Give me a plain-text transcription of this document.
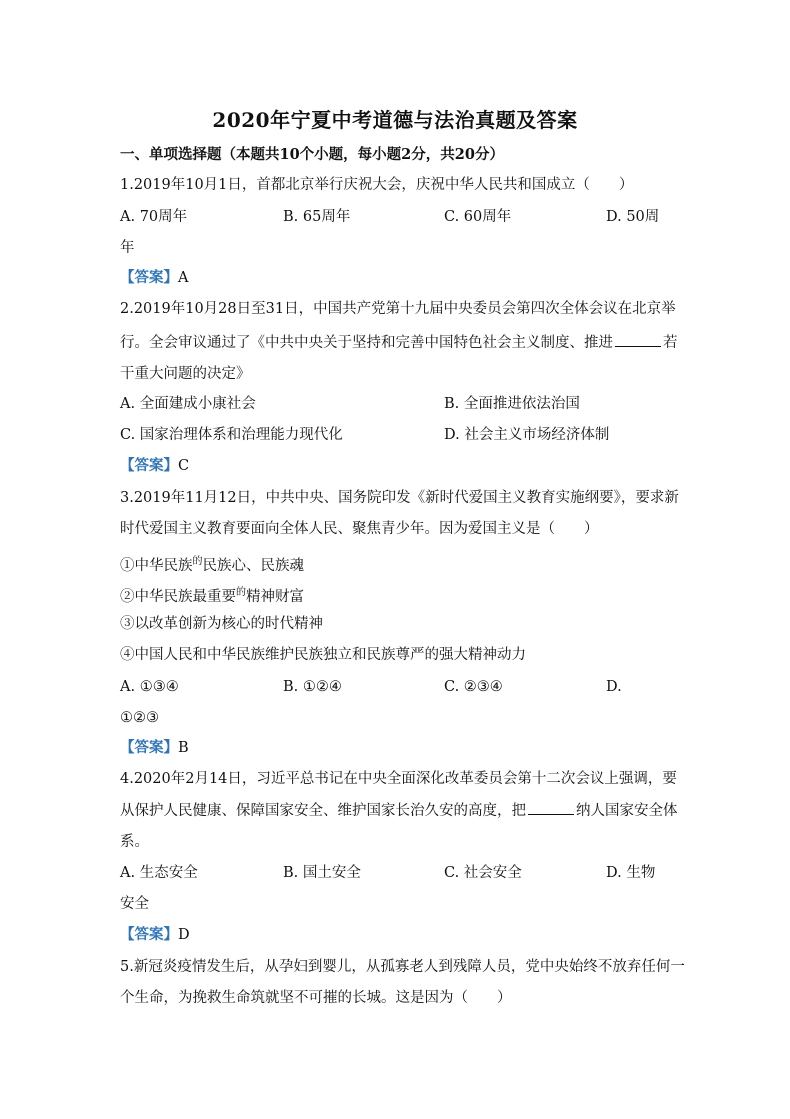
2020年宁夏中考道德与法治真题及答案
一、单项选择题（本题共10个小题，每小题2分，共20分）
1.2019年10月1日，首都北京举行庆祝大会，庆祝中华人民共和国成立（　　）
A. 70周年	B. 65周年	C. 60周年	D. 50周
年
【答案】A
2.2019年10月28日至31日，中国共产党第十九届中央委员会第四次全体会议在北京举
行。全会审议通过了《中共中央关于坚持和完善中国特色社会主义制度、推进	若
干重大问题的决定》
A. 全面建成小康社会	B. 全面推进依法治国
C. 国家治理体系和治理能力现代化	D. 社会主义市场经济体制
【答案】C
3.2019年11月12日，中共中央、国务院印发《新时代爱国主义教育实施纲要》，要求新
时代爱国主义教育要面向全体人民、聚焦青少年。因为爱国主义是（　　）
①中华民族$^的$民族心、民族魂
②中华民族最重要$^的$精神财富
③以改革创新为核心的时代精神
④中国人民和中华民族维护民族独立和民族尊严的强大精神动力
A. ①③④	B. ①②④	C. ②③④	D.
①②③
【答案】B
4.2020年2月14日，习近平总书记在中央全面深化改革委员会第十二次会议上强调，要
从保护人民健康、保障国家安全、维护国家长治久安的高度，把	纳人国家安全体
系。
A. 生态安全	B. 国土安全	C. 社会安全	D. 生物
安全
【答案】D
5.新冠炎疫情发生后，从孕妇到婴儿，从孤寡老人到残障人员，党中央始终不放弃任何一
个生命，为挽救生命筑就坚不可摧的长城。这是因为（　　）
